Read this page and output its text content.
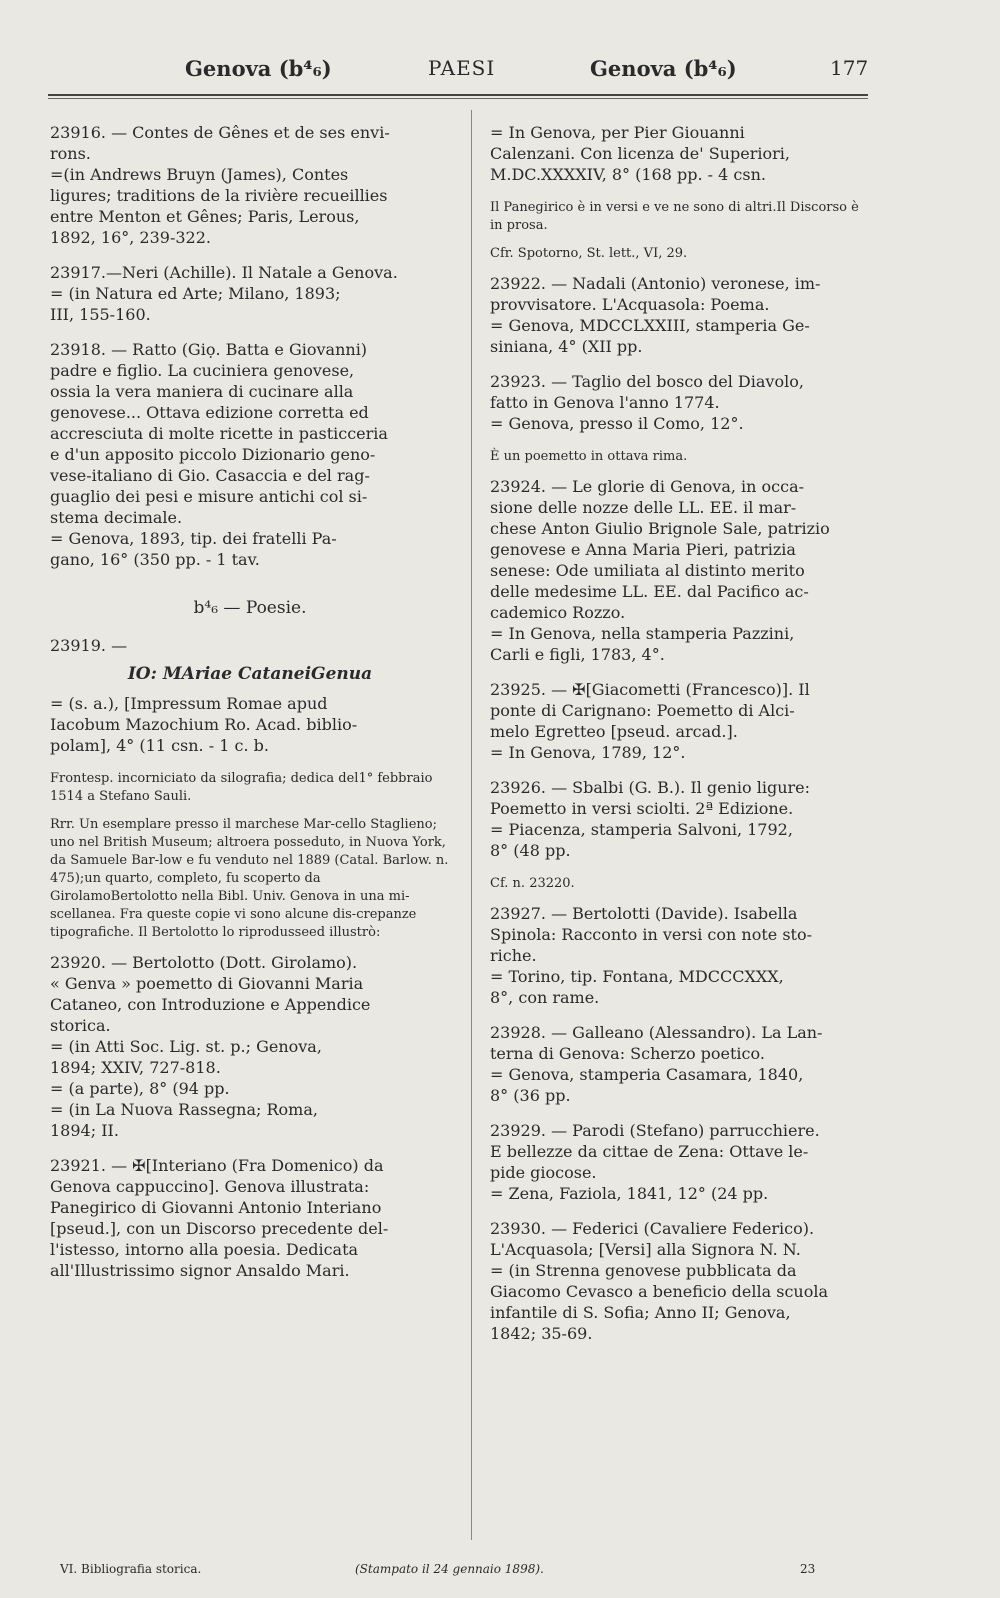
Genova (b⁴₆)	PAESI	Genova (b⁴₆)	177
23916. — Contes de Gênes et de ses envi-
rons.
=(in Andrews Bruyn (James), Contes
ligures; traditions de la rivière recueillies
entre Menton et Gênes; Paris, Lerous,
1892, 16°, 239-322.
23917.—Neri (Achille). Il Natale a Genova.
= (in Natura ed Arte; Milano, 1893;
III, 155-160.
23918. — Ratto (Giọ. Batta e Giovanni)
padre e figlio. La cuciniera genovese,
ossia la vera maniera di cucinare alla
genovese... Ottava edizione corretta ed
accresciuta di molte ricette in pasticceria
e d'un apposito piccolo Dizionario geno-
vese-italiano di Gio. Casaccia e del rag-
guaglio dei pesi e misure antichi col si-
stema decimale.
= Genova, 1893, tip. dei fratelli Pa-
gano, 16° (350 pp. - 1 tav.
b⁴₆ — Poesie.
23919. —
IO: MAriae CataneiGenua
= (s. a.), [Impressum Romae apud
Iacobum Mazochium Ro. Acad. biblio-
polam], 4° (11 csn. - 1 c. b.
Frontesp. incorniciato da silografia; dedica del1° febbraio 1514 a Stefano Sauli.
Rrr. Un esemplare presso il marchese Mar-cello Staglieno; uno nel British Museum; altroera posseduto, in Nuova York, da Samuele Bar-low e fu venduto nel 1889 (Catal. Barlow. n. 475);un quarto, completo, fu scoperto da GirolamoBertolotto nella Bibl. Univ. Genova in una mi-scellanea. Fra queste copie vi sono alcune dis-crepanze tipografiche. Il Bertolotto lo riprodusseed illustrò:
23920. — Bertolotto (Dott. Girolamo).
« Genva » poemetto di Giovanni Maria
Cataneo, con Introduzione e Appendice
storica.
= (in Atti Soc. Lig. st. p.; Genova,
1894; XXIV, 727-818.
= (a parte), 8° (94 pp.
= (in La Nuova Rassegna; Roma,
1894; II.
23921. — ✠[Interiano (Fra Domenico) da
Genova cappuccino]. Genova illustrata:
Panegirico di Giovanni Antonio Interiano
[pseud.], con un Discorso precedente del-
l'istesso, intorno alla poesia. Dedicata
all'Illustrissimo signor Ansaldo Mari.
= In Genova, per Pier Giouanni
Calenzani. Con licenza de' Superiori,
M.DC.XXXXIV, 8° (168 pp. - 4 csn.
Il Panegirico è in versi e ve ne sono di altri.Il Discorso è in prosa.
Cfr. Spotorno, St. lett., VI, 29.
23922. — Nadali (Antonio) veronese, im-
provvisatore. L'Acquasola: Poema.
= Genova, MDCCLXXIII, stamperia Ge-
siniana, 4° (XII pp.
23923. — Taglio del bosco del Diavolo,
fatto in Genova l'anno 1774.
= Genova, presso il Como, 12°.
È un poemetto in ottava rima.
23924. — Le glorie di Genova, in occa-
sione delle nozze delle LL. EE. il mar-
chese Anton Giulio Brignole Sale, patrizio
genovese e Anna Maria Pieri, patrizia
senese: Ode umiliata al distinto merito
delle medesime LL. EE. dal Pacifico ac-
cademico Rozzo.
= In Genova, nella stamperia Pazzini,
Carli e figli, 1783, 4°.
23925. — ✠[Giacometti (Francesco)]. Il
ponte di Carignano: Poemetto di Alci-
melo Egretteo [pseud. arcad.].
= In Genova, 1789, 12°.
23926. — Sbalbi (G. B.). Il genio ligure:
Poemetto in versi sciolti. 2ª Edizione.
= Piacenza, stamperia Salvoni, 1792,
8° (48 pp.
Cf. n. 23220.
23927. — Bertolotti (Davide). Isabella
Spinola: Racconto in versi con note sto-
riche.
= Torino, tip. Fontana, MDCCCXXX,
8°, con rame.
23928. — Galleano (Alessandro). La Lan-
terna di Genova: Scherzo poetico.
= Genova, stamperia Casamara, 1840,
8° (36 pp.
23929. — Parodi (Stefano) parrucchiere.
E bellezze da cittae de Zena: Ottave le-
pide giocose.
= Zena, Faziola, 1841, 12° (24 pp.
23930. — Federici (Cavaliere Federico).
L'Acquasola; [Versi] alla Signora N. N.
= (in Strenna genovese pubblicata da
Giacomo Cevasco a beneficio della scuola
infantile di S. Sofia; Anno II; Genova,
1842; 35-69.
VI. Bibliografia storica.	(Stampato il 24 gennaio 1898).	23
